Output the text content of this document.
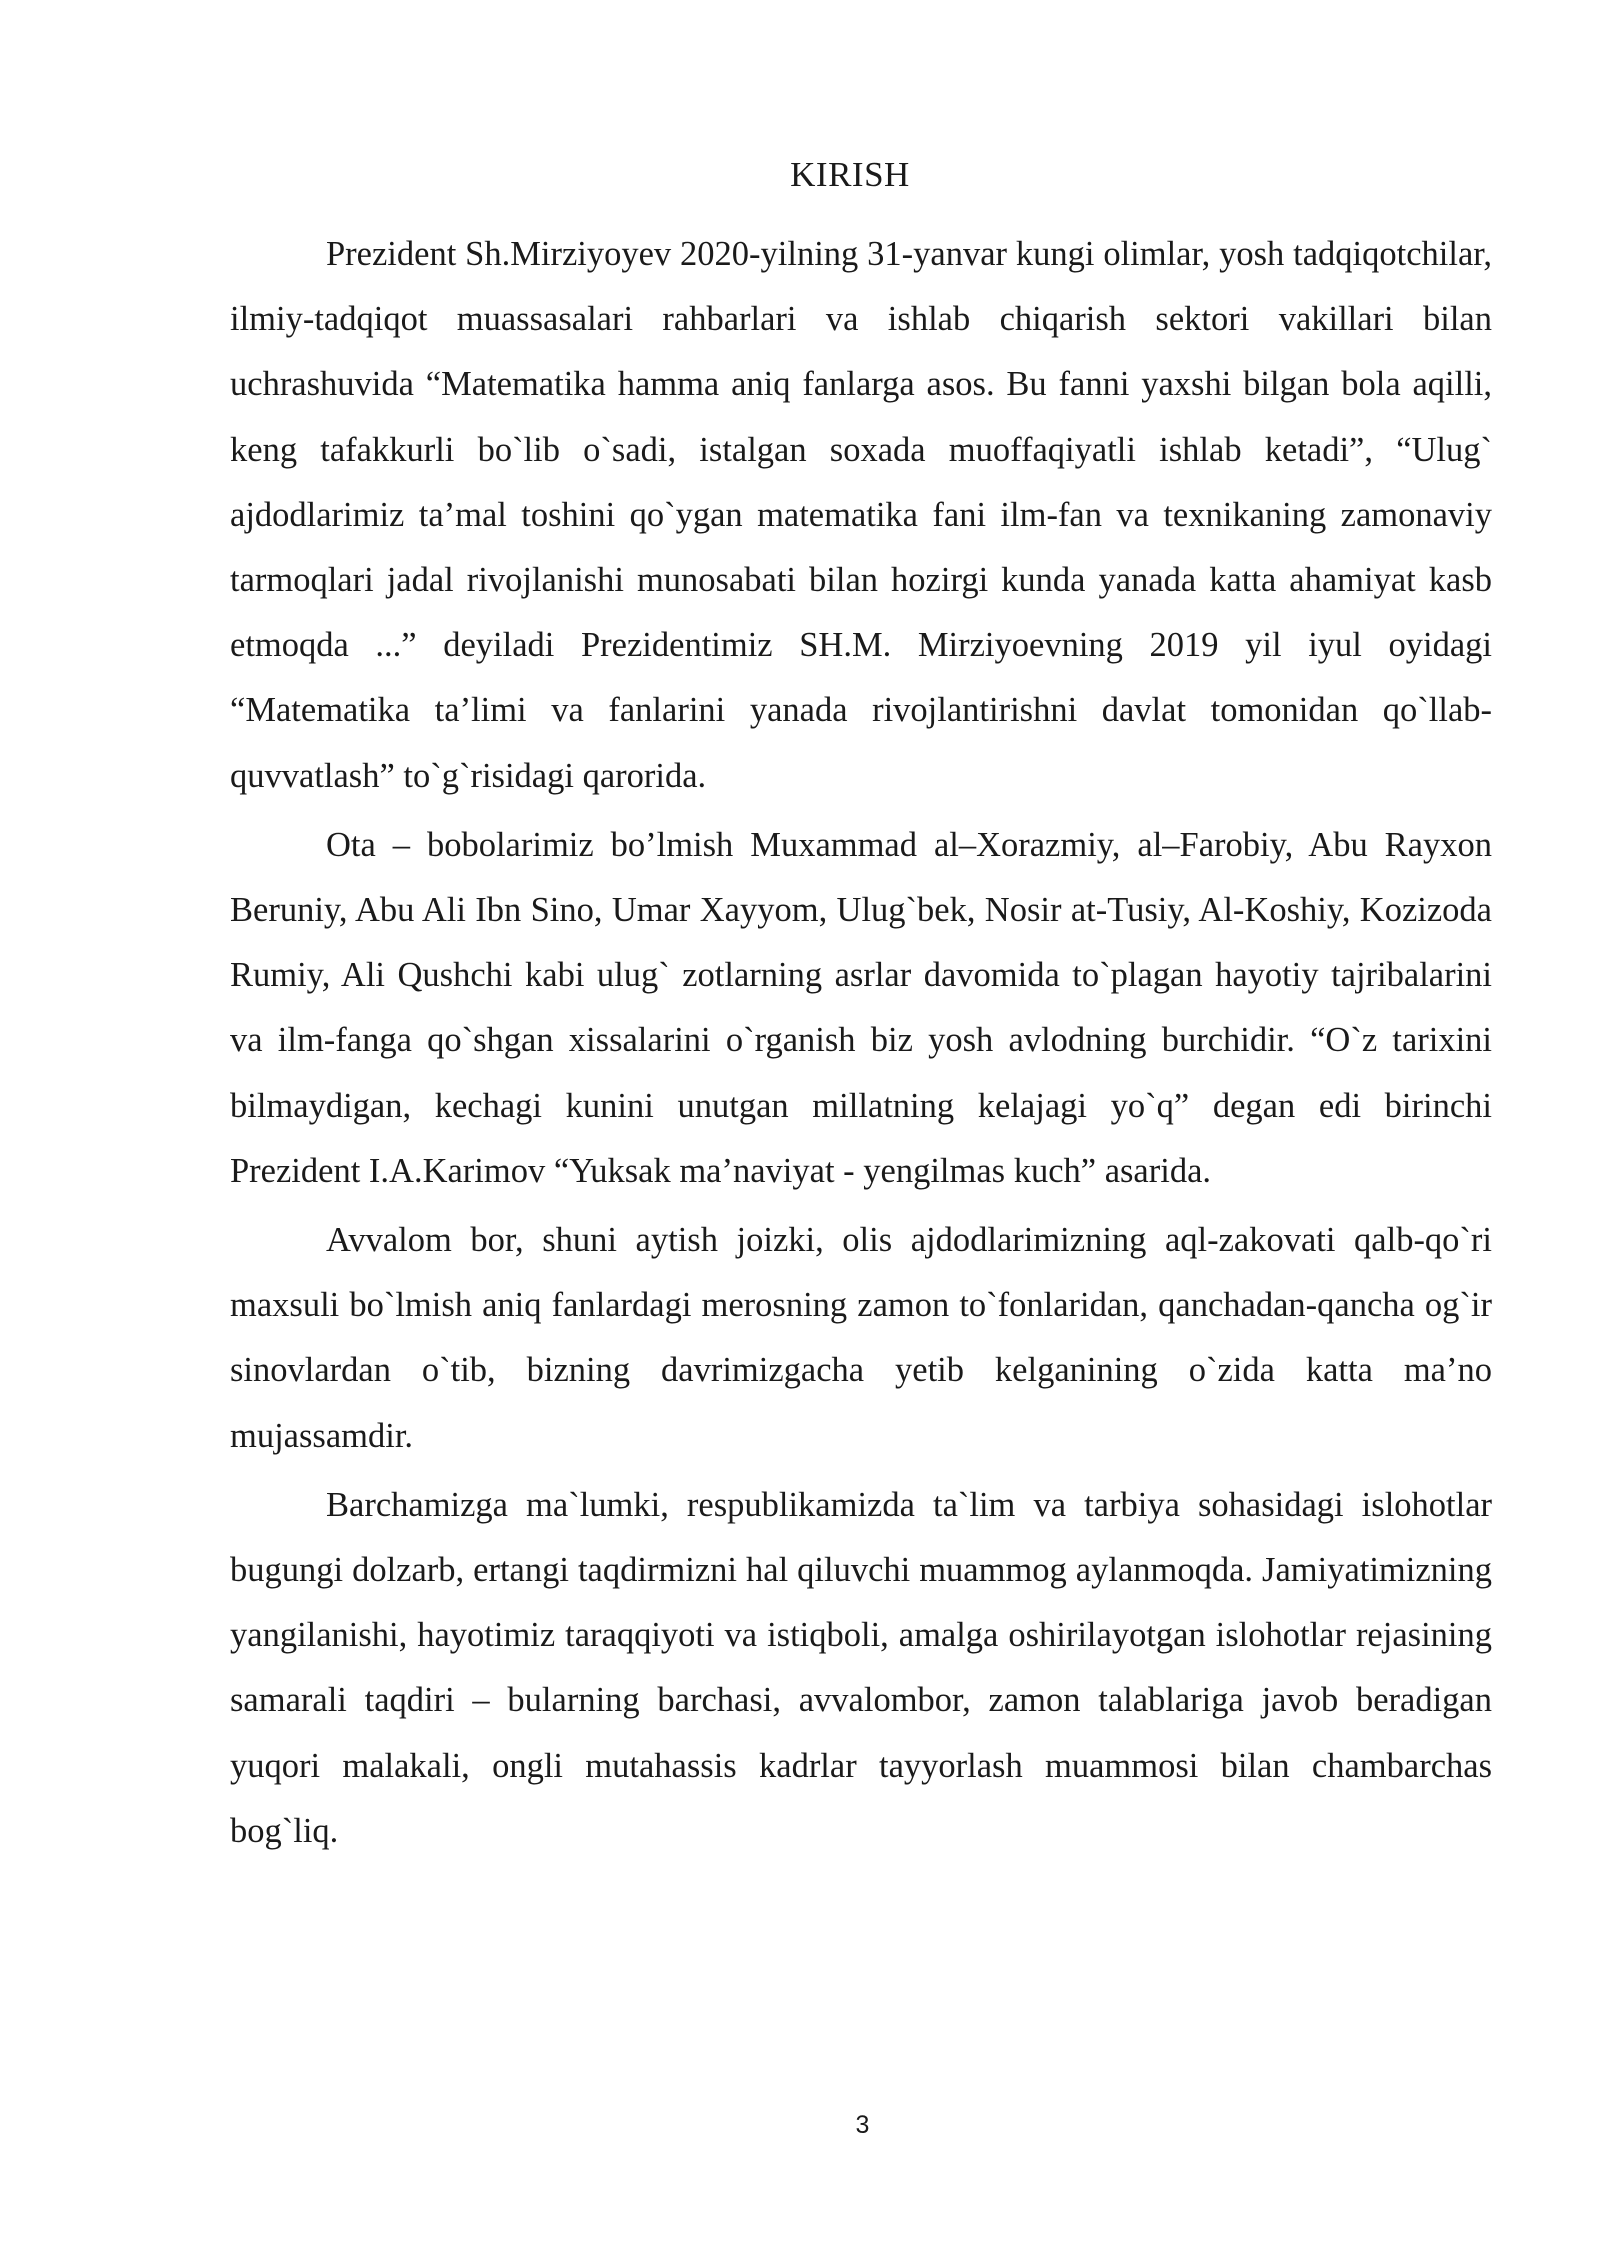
KIRISH

Prezident Sh.Mirziyoyev 2020-yilning 31-yanvar kungi olimlar, yosh tadqiqotchilar, ilmiy-tadqiqot muassasalari rahbarlari va ishlab chiqarish sektori vakillari bilan uchrashuvida “Matematika hamma aniq fanlarga asos. Bu fanni yaxshi bilgan bola aqilli, keng tafakkurli bo`lib o`sadi, istalgan soxada muoffaqiyatli ishlab ketadi”, “Ulug` ajdodlarimiz ta’mal toshini qo`ygan matematika fani ilm-fan va texnikaning zamonaviy tarmoqlari jadal rivojlanishi munosabati bilan hozirgi kunda yanada katta ahamiyat kasb etmoqda ...” deyiladi Prezidentimiz SH.M. Mirziyoevning 2019 yil iyul oyidagi “Matematika ta’limi va fanlarini yanada rivojlantirishni davlat tomonidan qo`llab-quvvatlash” to`g`risidagi qarorida.

Ota – bobolarimiz bo’lmish Muxammad al–Xorazmiy, al–Farobiy, Abu Rayxon Beruniy, Abu Ali Ibn Sino, Umar Xayyom, Ulug`bek, Nosir at-Tusiy, Al-Koshiy, Kozizoda Rumiy, Ali Qushchi kabi ulug` zotlarning asrlar davomida to`plagan hayotiy tajribalarini va ilm-fanga qo`shgan xissalarini o`rganish biz yosh avlodning burchidir. “O`z tarixini bilmaydigan, kechagi kunini unutgan millatning kelajagi yo`q” degan edi birinchi Prezident I.A.Karimov “Yuksak ma’naviyat - yengilmas kuch” asarida.

Avvalom bor, shuni aytish joizki, olis ajdodlarimizning aql-zakovati qalb-qo`ri maxsuli bo`lmish aniq fanlardagi merosning zamon to`fonlaridan, qanchadan-qancha og`ir sinovlardan o`tib, bizning davrimizgacha yetib kelganining o`zida katta ma’no mujassamdir.

Barchamizga ma`lumki, respublikamizda ta`lim va tarbiya sohasidagi islohotlar bugungi dolzarb, ertangi taqdirmizni hal qiluvchi muammog aylanmoqda. Jamiyatimizning yangilanishi, hayotimiz taraqqiyoti va istiqboli, amalga oshirilayotgan islohotlar rejasining samarali taqdiri – bularning barchasi, avvalombor, zamon talablariga javob beradigan yuqori malakali, ongli mutahassis kadrlar tayyorlash muammosi bilan chambarchas bog`liq.

3
